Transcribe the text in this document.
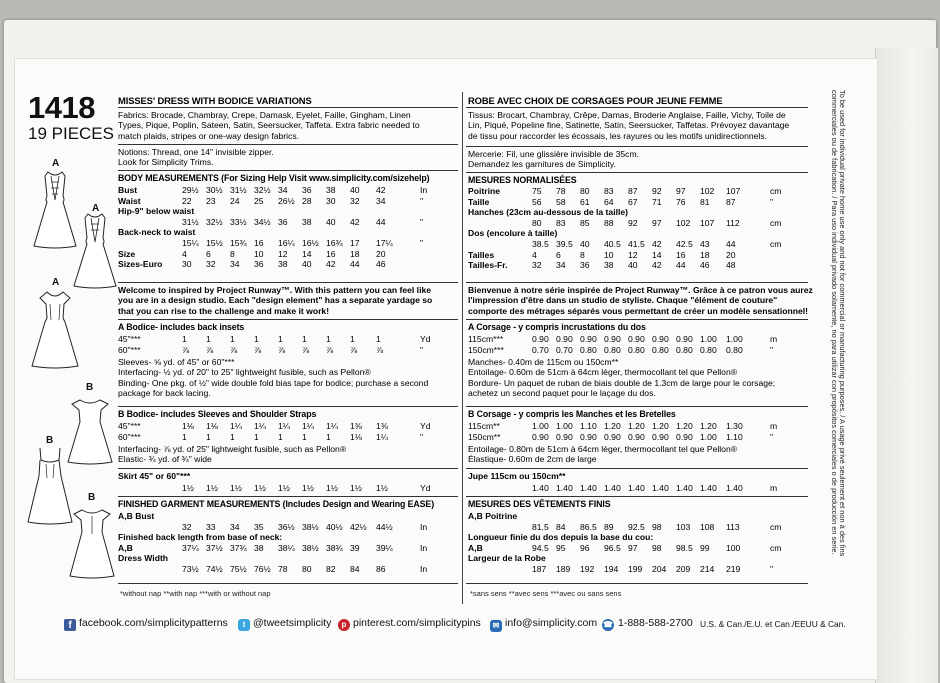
1418
19 PIECES
A
A
A
B
B
B
MISSES' DRESS WITH BODICE VARIATIONS
Fabrics: Brocade, Chambray, Crepe, Damask, Eyelet, Faille, Gingham, Linen
Types, Pique, Poplin, Sateen, Satin, Seersucker, Taffeta. Extra fabric needed to
match plaids, stripes or one-way design fabrics.
Notions: Thread, one 14" invisible zipper.
Look for Simplicity Trims.
BODY MEASUREMENTS (For Sizing Help Visit www.simplicity.com/sizehelp)
Bust	29½ 30½ 31½ 32½ 34 36 38 40 42	In
Waist	22 23 24 25 26½ 28 30 32 34	"
Hip-9" below waist
31½ 32½ 33½ 34½ 36 38 40 42 44	"
Back-neck to waist
15¼ 15½ 15¾ 16 16¼ 16½ 16¾ 17 17¼	"
Size	4 6 8 10 12 14 16 18 20
Sizes-Euro 30 32 34 36 38 40 42 44 46
Welcome to inspired by Project Runway™. With this pattern you can feel like
you are in a design studio. Each "design element" has a separate yardage so
that you can rise to the challenge and make it work!
A Bodice- includes back insets
45"***	1 1 1 1 1 1 1 1 1	Yd
60"***	⅞ ⅞ ⅞ ⅞ ⅞ ⅞ ⅞ ⅞ ⅞	"
Sleeves- ⅝ yd. of 45" or 60"***
Interfacing- ½ yd. of 20" to 25" lightweight fusible, such as Pellon®
Binding- One pkg. of ½" wide double fold bias tape for bodice; purchase a second
package for back lacing.
B Bodice- includes Sleeves and Shoulder Straps
45"***	1⅛ 1⅛ 1¼ 1¼ 1¼ 1¼ 1¼ 1⅜ 1⅜	Yd
60"***	1 1 1 1 1 1 1 1⅛ 1¼	"
Interfacing- ⅞ yd. of 25" lightweight fusible, such as Pellon®
Elastic- ¾ yd. of ¾" wide
Skirt 45" or 60"***
1½ 1½ 1½ 1½ 1½ 1½ 1½ 1½ 1½	Yd
FINISHED GARMENT MEASUREMENTS (Includes Design and Wearing EASE)
A,B Bust
32 33 34 35 36½ 38½ 40½ 42½ 44½	In
Finished back length from base of neck:
A,B	37¼ 37½ 37¾ 38 38¼ 38½ 38¾ 39 39¼	In
Dress Width
73½ 74½ 75½ 76½ 78 80 82 84 86	In
*without nap **with nap ***with or without nap
ROBE AVEC CHOIX DE CORSAGES POUR JEUNE FEMME
Tissus: Brocart, Chambray, Crêpe, Damas, Broderie Anglaise, Faille, Vichy, Toile de
Lin, Piqué, Popeline fine, Satinette, Satin, Seersucker, Taffetas. Prévoyez davantage
de tissu pour raccorder les écossais, les rayures ou les motifs unidirectionnels.
Mercerie: Fil, une glissière invisible de 35cm.
Demandez les garnitures de Simplicity.
MESURES NORMALISÉES
Poitrine	75 78 80 83 87 92 97 102 107	cm
Taille	56 58 61 64 67 71 76 81 87	"
Hanches (23cm au-dessous de la taille)
80 83 85 88 92 97 102 107 112	cm
Dos (encolure à taille)
38.5 39.5 40 40.5 41.5 42 42.5 43 44	cm
Tailles	4 6 8 10 12 14 16 18 20
Tailles-Fr.	32 34 36 38 40 42 44 46 48
Bienvenue à notre série inspirée de Project Runway™. Grâce à ce patron vous aurez
l'impression d'être dans un studio de styliste. Chaque "élément de couture"
comporte des métrages séparés vous permettant de créer un modèle sensationnel!
A Corsage - y compris incrustations du dos
115cm***	0.90 0.90 0.90 0.90 0.90 0.90 0.90 1.00 1.00	m
150cm***	0.70 0.70 0.80 0.80 0.80 0.80 0.80 0.80 0.80	"
Manches- 0.40m de 115cm ou 150cm**
Entoilage- 0.60m de 51cm à 64cm léger, thermocollant tel que Pellon®
Bordure- Un paquet de ruban de biais double de 1.3cm de large pour le corsage;
achetez un second paquet pour le laçage du dos.
B Corsage - y compris les Manches et les Bretelles
115cm**	1.00 1.00 1.10 1.20 1.20 1.20 1.20 1.20 1.30	m
150cm**	0.90 0.90 0.90 0.90 0.90 0.90 0.90 1.00 1.10	"
Entoilage- 0.80m de 51cm à 64cm léger, thermocollant tel que Pellon®
Élastique- 0.60m de 2cm de large
Jupe 115cm ou 150cm**
1.40 1.40 1.40 1.40 1.40 1.40 1.40 1.40 1.40	m
MESURES DES VÊTEMENTS FINIS
A,B Poitrine
81.5 84 86.5 89 92.5 98 103 108 113	cm
Longueur finie du dos depuis la base du cou:
A,B	94.5 95 96 96.5 97 98 98.5 99 100	cm
Largeur de la Robe
187 189 192 194 199 204 209 214 219	"
*sans sens **avec sens ***avec ou sans sens
To be used for individual private home use only and not for commercial or manufacturing purposes. / A usage privé seulement et non à des fins commerciales ou de fabrication. / Para uso individual privado solamente, no para utilizar con propósitos comerciales o de producción en serie.
f facebook.com/simplicitypatterns	t @tweetsimplicity	p pinterest.com/simplicitypins	✉ info@simplicity.com ☎ 1-888-588-2700 U.S. & Can./E.U. et Can./EEUU & Can.
